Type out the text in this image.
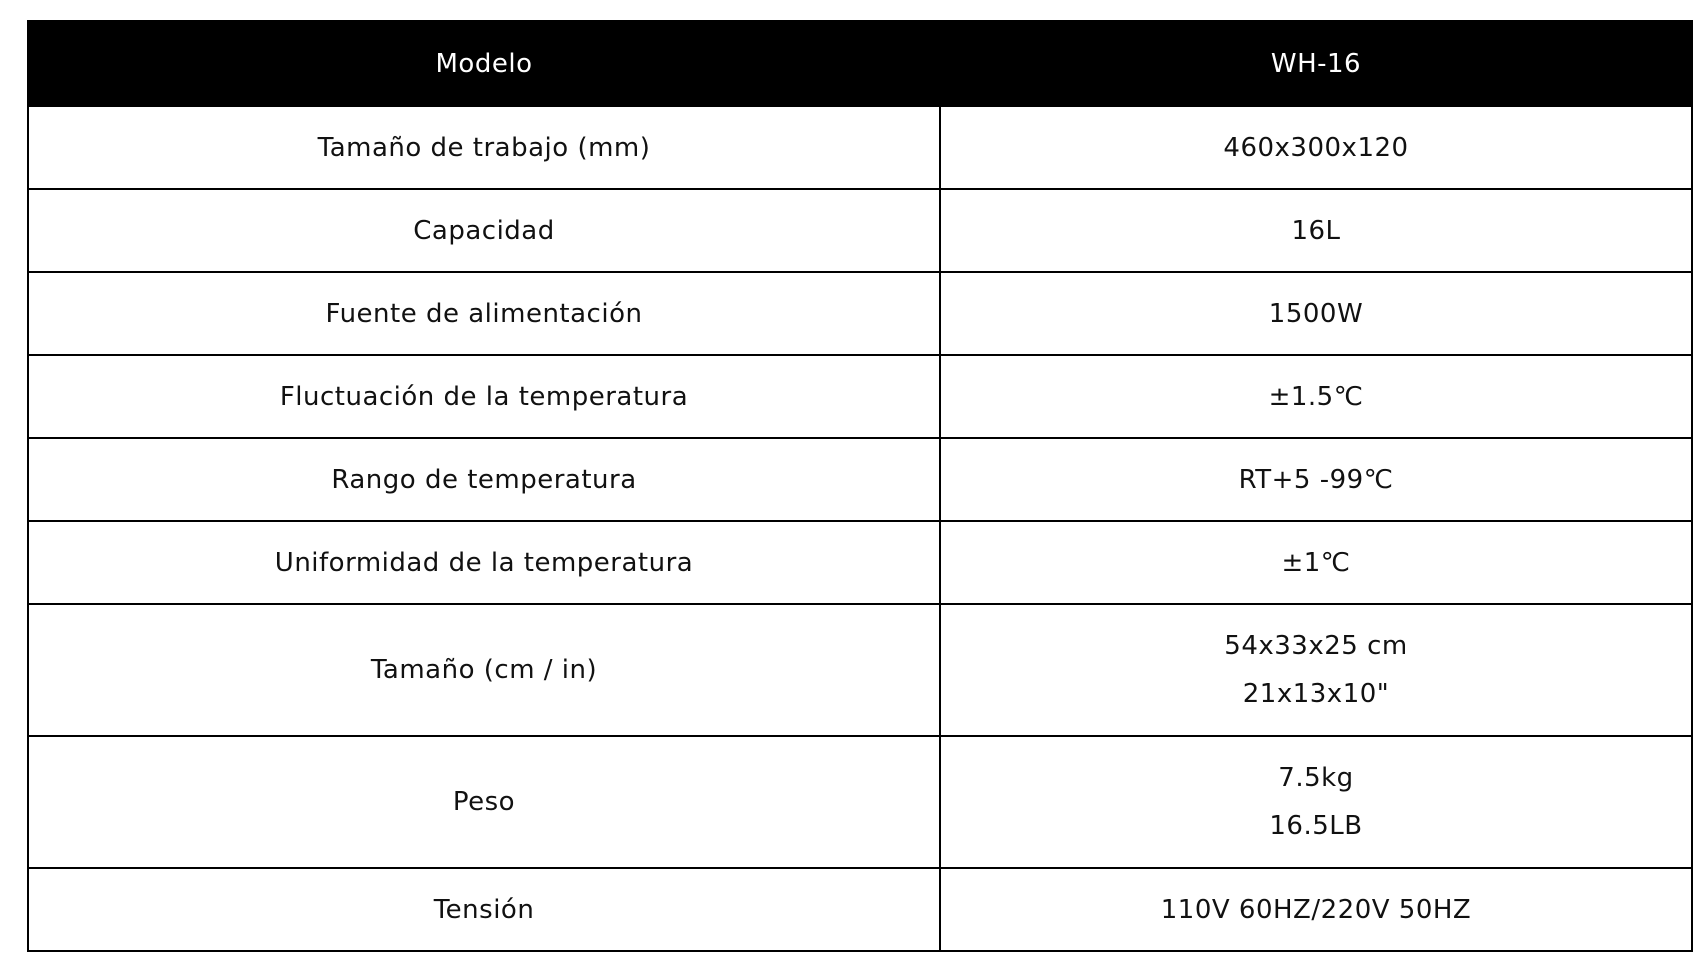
Modelo	WH-16
Tamaño de trabajo (mm)	460x300x120

Capacidad	16L

Fuente de alimentación	1500W

Fluctuación de la temperatura	±1.5℃

Rango de temperatura	RT+5 -99℃

Uniformidad de la temperatura	±1℃

Tamaño (cm / in)	54x33x25 cm
21x13x10"

Peso	7.5kg
16.5LB

Tensión	110V 60HZ/220V 50HZ
